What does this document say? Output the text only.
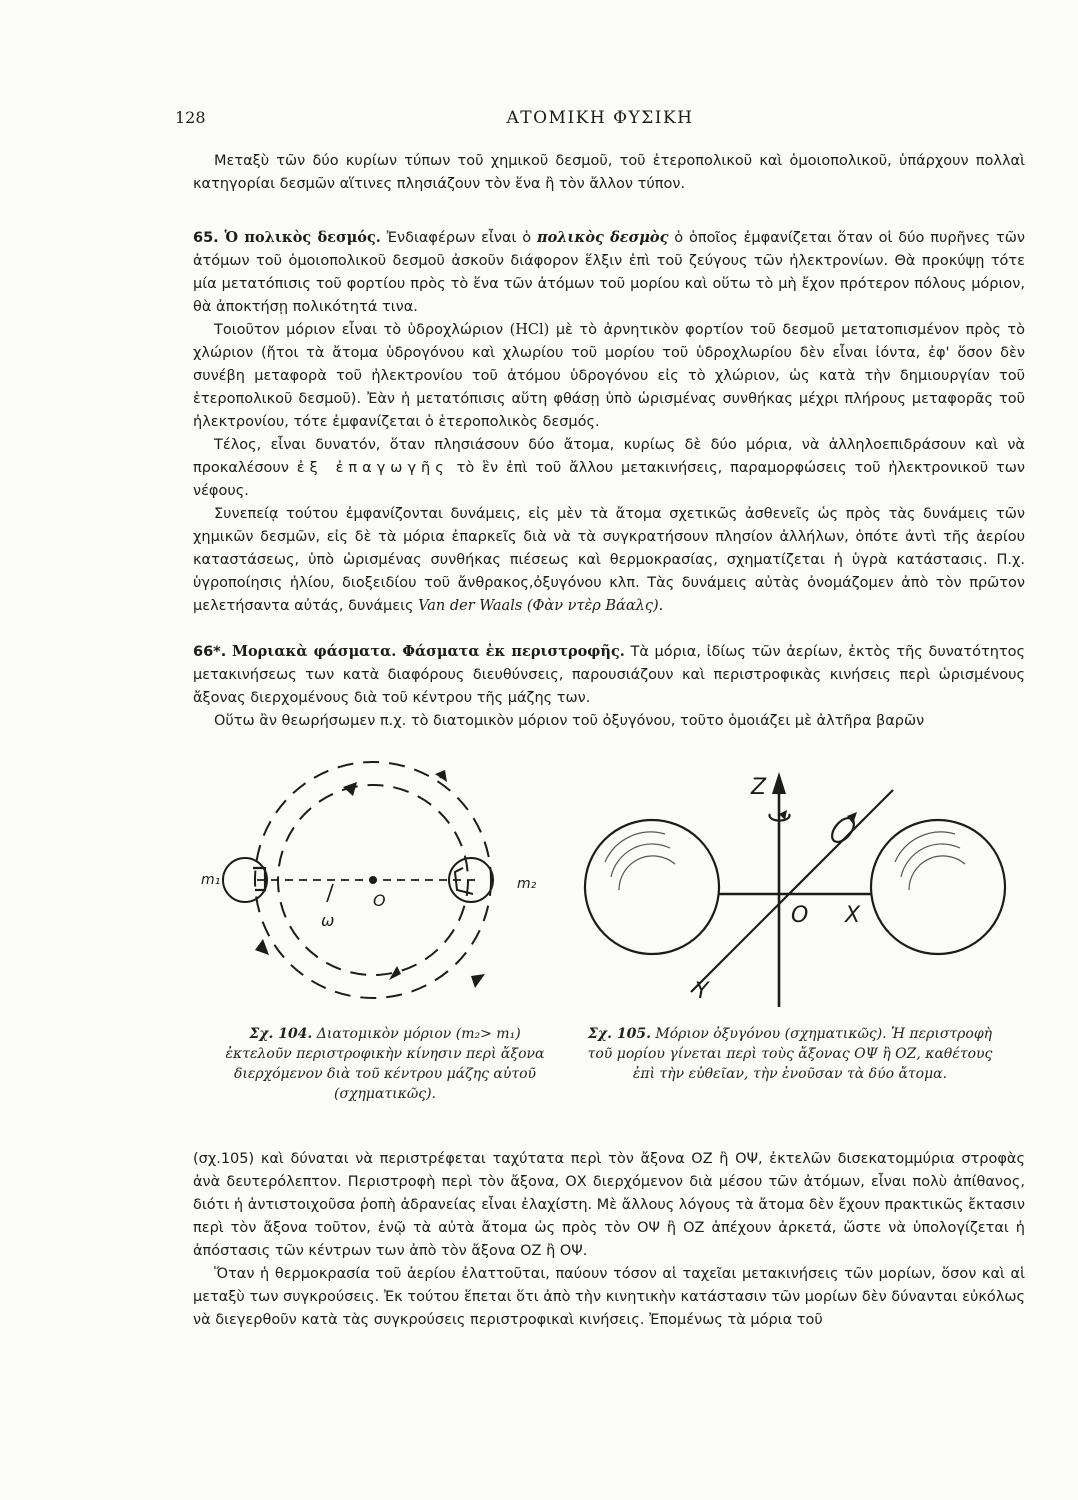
128	ΑΤΟΜΙΚΗ ΦΥΣΙΚΗ

Μεταξὺ τῶν δύο κυρίων τύπων τοῦ χημικοῦ δεσμοῦ, τοῦ ἑτεροπολικοῦ καὶ ὁμοιοπολικοῦ, ὑπάρχουν πολλαὶ κατηγορίαι δεσμῶν αἵτινες πλησιάζουν τὸν ἕνα ἢ τὸν ἄλλον τύπον.

65. Ὁ πολικὸς δεσμός. Ἐνδιαφέρων εἶναι ὁ πολικὸς δεσμὸς ὁ ὁποῖος ἐμφανίζεται ὅταν οἱ δύο πυρῆνες τῶν ἀτόμων τοῦ ὁμοιοπολικοῦ δεσμοῦ ἀσκοῦν διάφορον ἕλξιν ἐπὶ τοῦ ζεύγους τῶν ἠλεκτρονίων. Θὰ προκύψῃ τότε μία μετατόπισις τοῦ φορτίου πρὸς τὸ ἕνα τῶν ἀτόμων τοῦ μορίου καὶ οὕτω τὸ μὴ ἔχον πρότερον πόλους μόριον, θὰ ἀποκτήσῃ πολικότητά τινα.

Τοιοῦτον μόριον εἶναι τὸ ὑδροχλώριον (HCl) μὲ τὸ ἀρνητικὸν φορτίον τοῦ δεσμοῦ μετατοπισμένον πρὸς τὸ χλώριον (ἤτοι τὰ ἄτομα ὑδρογόνου καὶ χλωρίου τοῦ μορίου τοῦ ὑδροχλωρίου δὲν εἶναι ἰόντα, ἐφ' ὅσον δὲν συνέβη μεταφορὰ τοῦ ἠλεκτρονίου τοῦ ἀτόμου ὑδρογόνου εἰς τὸ χλώριον, ὡς κατὰ τὴν δημιουργίαν τοῦ ἑτεροπολικοῦ δεσμοῦ). Ἐὰν ἡ μετατόπισις αὕτη φθάσῃ ὑπὸ ὡρισμένας συνθήκας μέχρι πλήρους μεταφορᾶς τοῦ ἠλεκτρονίου, τότε ἐμφανίζεται ὁ ἑτεροπολικὸς δεσμός.

Τέλος, εἶναι δυνατόν, ὅταν πλησιάσουν δύο ἄτομα, κυρίως δὲ δύο μόρια, νὰ ἀλληλοεπιδράσουν καὶ νὰ προκαλέσουν ἐξ ἐπαγωγῆς τὸ ἓν ἐπὶ τοῦ ἄλλου μετακινήσεις, παραμορφώσεις τοῦ ἠλεκτρονικοῦ των νέφους.

Συνεπείᾳ τούτου ἐμφανίζονται δυνάμεις, εἰς μὲν τὰ ἄτομα σχετικῶς ἀσθενεῖς ὡς πρὸς τὰς δυνάμεις τῶν χημικῶν δεσμῶν, εἰς δὲ τὰ μόρια ἐπαρκεῖς διὰ νὰ τὰ συγκρατήσουν πλησίον ἀλλήλων, ὁπότε ἀντὶ τῆς ἀερίου καταστάσεως, ὑπὸ ὡρισμένας συνθήκας πιέσεως καὶ θερμοκρασίας, σχηματίζεται ἡ ὑγρὰ κατάστασις. Π.χ. ὑγροποίησις ἡλίου, διοξειδίου τοῦ ἄνθρακος,ὀξυγόνου κλπ. Τὰς δυνάμεις αὐτὰς ὀνομάζομεν ἀπὸ τὸν πρῶτον μελετήσαντα αὐτάς, δυνάμεις Van der Waals (Φὰν ντὲρ Βάαλς).

66*. Μοριακὰ φάσματα. Φάσματα ἐκ περιστροφῆς. Τὰ μόρια, ἰδίως τῶν ἀερίων, ἐκτὸς τῆς δυνατότητος μετακινήσεως των κατὰ διαφόρους διευθύνσεις, παρουσιάζουν καὶ περιστροφικὰς κινήσεις περὶ ὡρισμένους ἄξονας διερχομένους διὰ τοῦ κέντρου τῆς μάζης των.

Οὕτω ἂν θεωρήσωμεν π.χ. τὸ διατομικὸν μόριον τοῦ ὀξυγόνου, τοῦτο ὁμοιάζει μὲ ἀλτῆρα βαρῶν

m₁	m₂
O
ω
Z
O X
Y
Σχ. 104. Διατομικὸν μόριον (m₂> m₁) ἐκτελοῦν περιστροφικὴν κίνησιν περὶ ἄξονα διερχόμενον διὰ τοῦ κέντρου μάζης αὐτοῦ (σχηματικῶς).
Σχ. 105. Μόριον ὀξυγόνου (σχηματικῶς). Ἡ περιστροφὴ τοῦ μορίου γίνεται περὶ τοὺς ἄξονας ΟΨ ἢ ΟΖ, καθέτους ἐπὶ τὴν εὐθεῖαν, τὴν ἑνοῦσαν τὰ δύο ἄτομα.

(σχ.105) καὶ δύναται νὰ περιστρέφεται ταχύτατα περὶ τὸν ἄξονα ΟΖ ἢ ΟΨ, ἐκτελῶν δισεκατομμύρια στροφὰς ἀνὰ δευτερόλεπτον. Περιστροφὴ περὶ τὸν ἄξονα, ΟΧ διερχόμενον διὰ μέσου τῶν ἀτόμων, εἶναι πολὺ ἀπίθανος, διότι ἡ ἀντιστοιχοῦσα ῥοπὴ ἀδρανείας εἶναι ἐλαχίστη. Μὲ ἄλλους λόγους τὰ ἄτομα δὲν ἔχουν πρακτικῶς ἔκτασιν περὶ τὸν ἄξονα τοῦτον, ἐνῷ τὰ αὐτὰ ἄτομα ὡς πρὸς τὸν ΟΨ ἢ ΟΖ ἀπέχουν ἀρκετά, ὥστε νὰ ὑπολογίζεται ἡ ἀπόστασις τῶν κέντρων των ἀπὸ τὸν ἄξονα ΟΖ ἢ ΟΨ.

Ὅταν ἡ θερμοκρασία τοῦ ἀερίου ἐλαττοῦται, παύουν τόσον αἱ ταχεῖαι μετακινήσεις τῶν μορίων, ὅσον καὶ αἱ μεταξὺ των συγκρούσεις. Ἐκ τούτου ἕπεται ὅτι ἀπὸ τὴν κινητικὴν κατάστασιν τῶν μορίων δὲν δύνανται εὐκόλως νὰ διεγερθοῦν κατὰ τὰς συγκρούσεις περιστροφικαὶ κινήσεις. Ἐπομένως τὰ μόρια τοῦ
